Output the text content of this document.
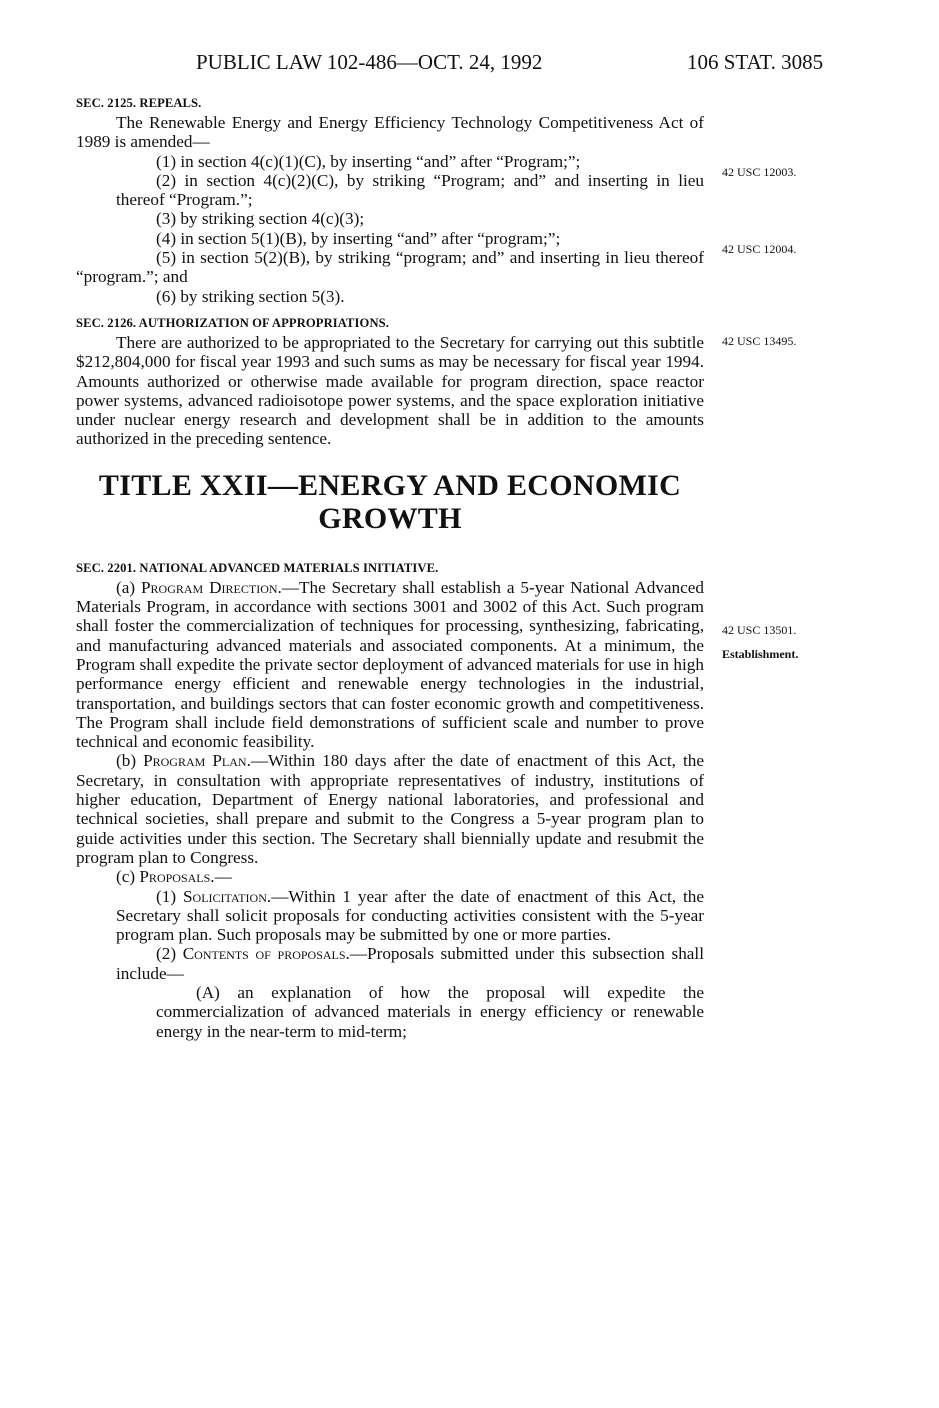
PUBLIC LAW 102-486—OCT. 24, 1992	106 STAT. 3085

SEC. 2125. REPEALS.

The Renewable Energy and Energy Efficiency Technology Competitiveness Act of 1989 is amended—

(1) in section 4(c)(1)(C), by inserting “and” after “Program;”;

(2) in section 4(c)(2)(C), by striking “Program; and” and inserting in lieu thereof “Program.”;

(3) by striking section 4(c)(3);

(4) in section 5(1)(B), by inserting “and” after “program;”;

(5) in section 5(2)(B), by striking “program; and” and inserting in lieu thereof “program.”; and

(6) by striking section 5(3).

SEC. 2126. AUTHORIZATION OF APPROPRIATIONS.

There are authorized to be appropriated to the Secretary for carrying out this subtitle $212,804,000 for fiscal year 1993 and such sums as may be necessary for fiscal year 1994. Amounts authorized or otherwise made available for program direction, space reactor power systems, advanced radioisotope power systems, and the space exploration initiative under nuclear energy research and development shall be in addition to the amounts authorized in the preceding sentence.

TITLE XXII—ENERGY AND ECONOMIC
GROWTH

SEC. 2201. NATIONAL ADVANCED MATERIALS INITIATIVE.

(a) Program Direction.—The Secretary shall establish a 5-year National Advanced Materials Program, in accordance with sections 3001 and 3002 of this Act. Such program shall foster the commercialization of techniques for processing, synthesizing, fabricating, and manufacturing advanced materials and associated components. At a minimum, the Program shall expedite the private sector deployment of advanced materials for use in high performance energy efficient and renewable energy technologies in the industrial, transportation, and buildings sectors that can foster economic growth and competitiveness. The Program shall include field demonstrations of sufficient scale and number to prove technical and economic feasibility.

(b) Program Plan.—Within 180 days after the date of enactment of this Act, the Secretary, in consultation with appropriate representatives of industry, institutions of higher education, Department of Energy national laboratories, and professional and technical societies, shall prepare and submit to the Congress a 5-year program plan to guide activities under this section. The Secretary shall biennially update and resubmit the program plan to Congress.

(c) Proposals.—

(1) Solicitation.—Within 1 year after the date of enactment of this Act, the Secretary shall solicit proposals for conducting activities consistent with the 5-year program plan. Such proposals may be submitted by one or more parties.

(2) Contents of proposals.—Proposals submitted under this subsection shall include—

(A) an explanation of how the proposal will expedite the commercialization of advanced materials in energy efficiency or renewable energy in the near-term to mid-term;

42 USC 12003.
42 USC 12004.
42 USC 13495.
42 USC 13501.
Establishment.
